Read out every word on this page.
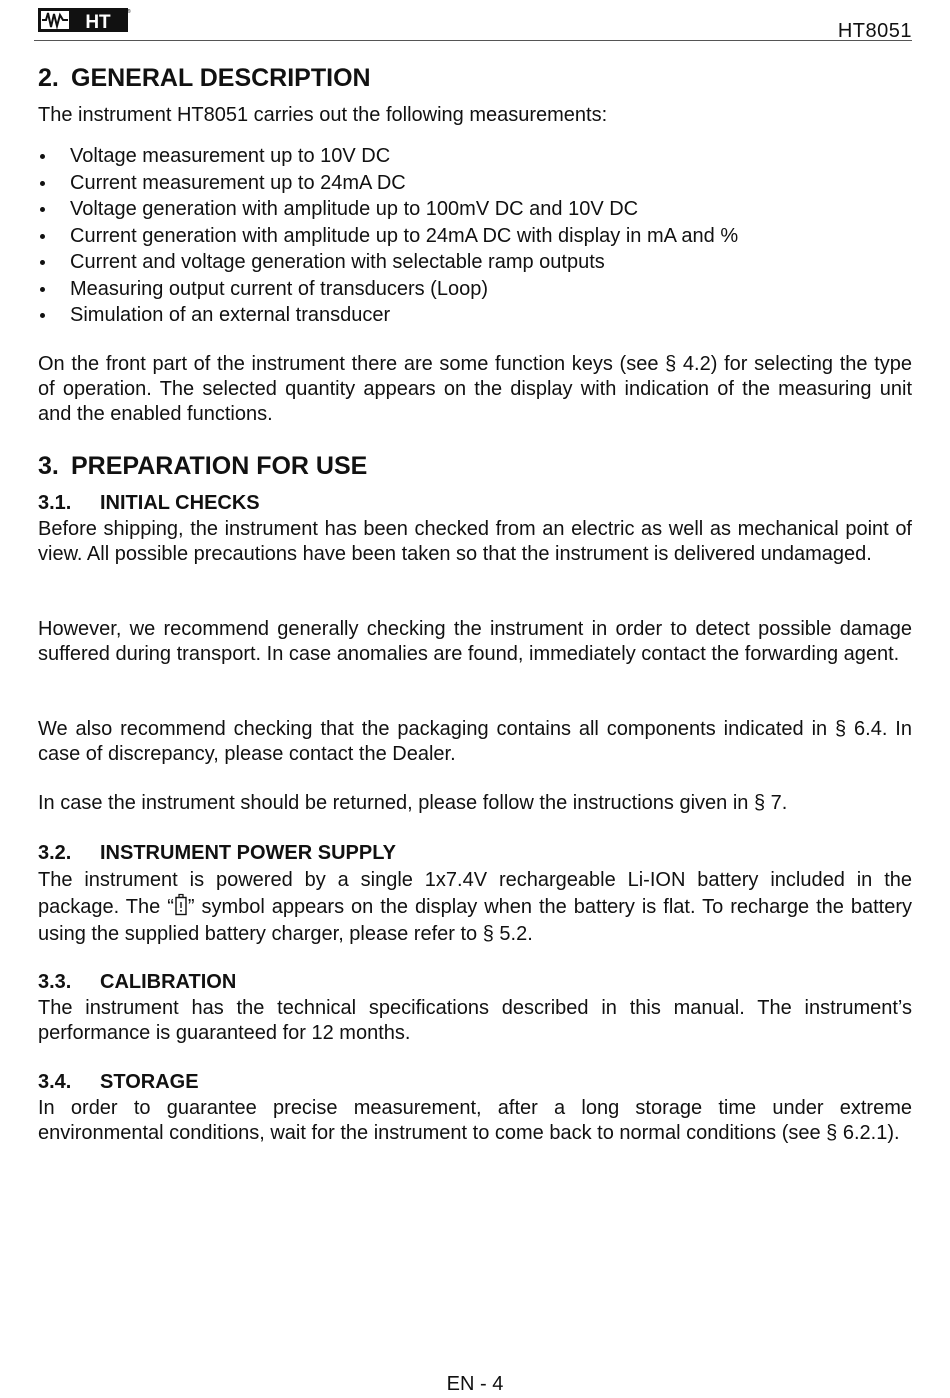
HT	®
HT8051
2. GENERAL DESCRIPTION
The instrument HT8051 carries out the following measurements:
Voltage measurement up to 10V DC
Current measurement up to 24mA DC
Voltage generation with amplitude up to 100mV DC and 10V DC
Current generation with amplitude up to 24mA DC with display in mA and %
Current and voltage generation with selectable ramp outputs
Measuring output current of transducers (Loop)
Simulation of an external transducer
On the front part of the instrument there are some function keys (see § 4.2) for selecting the type of operation. The selected quantity appears on the display with indication of the measuring unit and the enabled functions.
3. PREPARATION FOR USE
3.1. INITIAL CHECKS
Before shipping, the instrument has been checked from an electric as well as mechanical point of view. All possible precautions have been taken so that the instrument is delivered undamaged.
However, we recommend generally checking the instrument in order to detect possible damage suffered during transport. In case anomalies are found, immediately contact the forwarding agent.
We also recommend checking that the packaging contains all components indicated in § 6.4. In case of discrepancy, please contact the Dealer.
In case the instrument should be returned, please follow the instructions given in § 7.
3.2. INSTRUMENT POWER SUPPLY
The instrument is powered by a single 1x7.4V rechargeable Li-ION battery included in the package. The “ ” symbol appears on the display when the battery is flat. To recharge the battery using the supplied battery charger, please refer to § 5.2.
3.3. CALIBRATION
The instrument has the technical specifications described in this manual. The instrument’s performance is guaranteed for 12 months.
3.4. STORAGE
In order to guarantee precise measurement, after a long storage time under extreme environmental conditions, wait for the instrument to come back to normal conditions (see § 6.2.1).
EN - 4
